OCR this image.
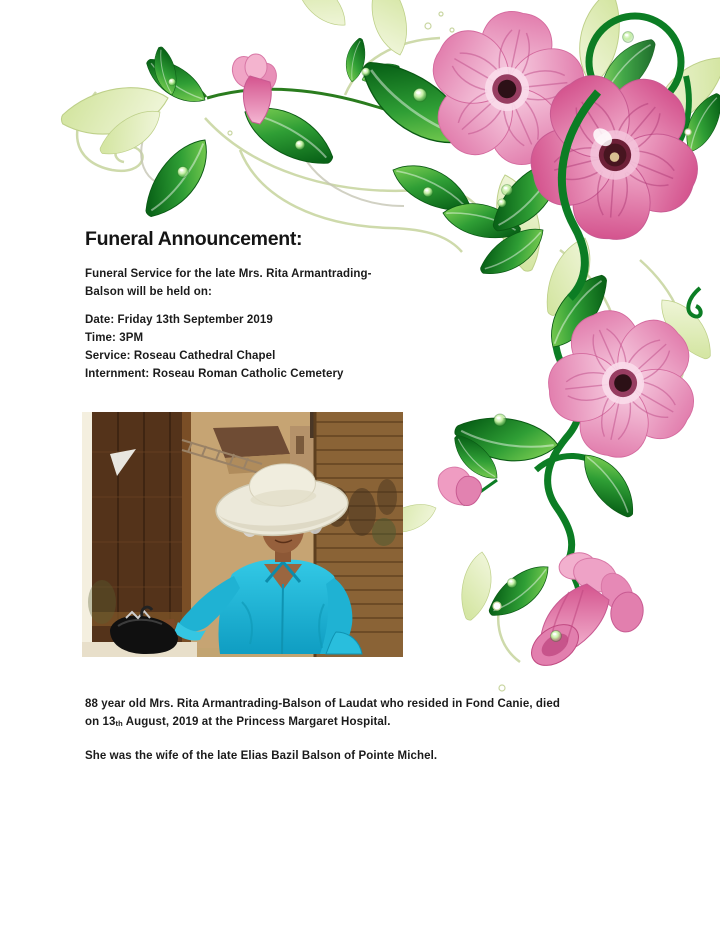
Funeral Announcement:
Funeral Service for the late Mrs. Rita Armantrading-
Balson will be held on:
Date: Friday 13th September 2019
Time: 3PM
Service: Roseau Cathedral Chapel
Internment: Roseau Roman Catholic Cemetery
88 year old Mrs. Rita Armantrading-Balson of Laudat who resided in Fond Canie, died
on 13th August, 2019 at the Princess Margaret Hospital.
She was the wife of the late Elias Bazil Balson of Pointe Michel.
